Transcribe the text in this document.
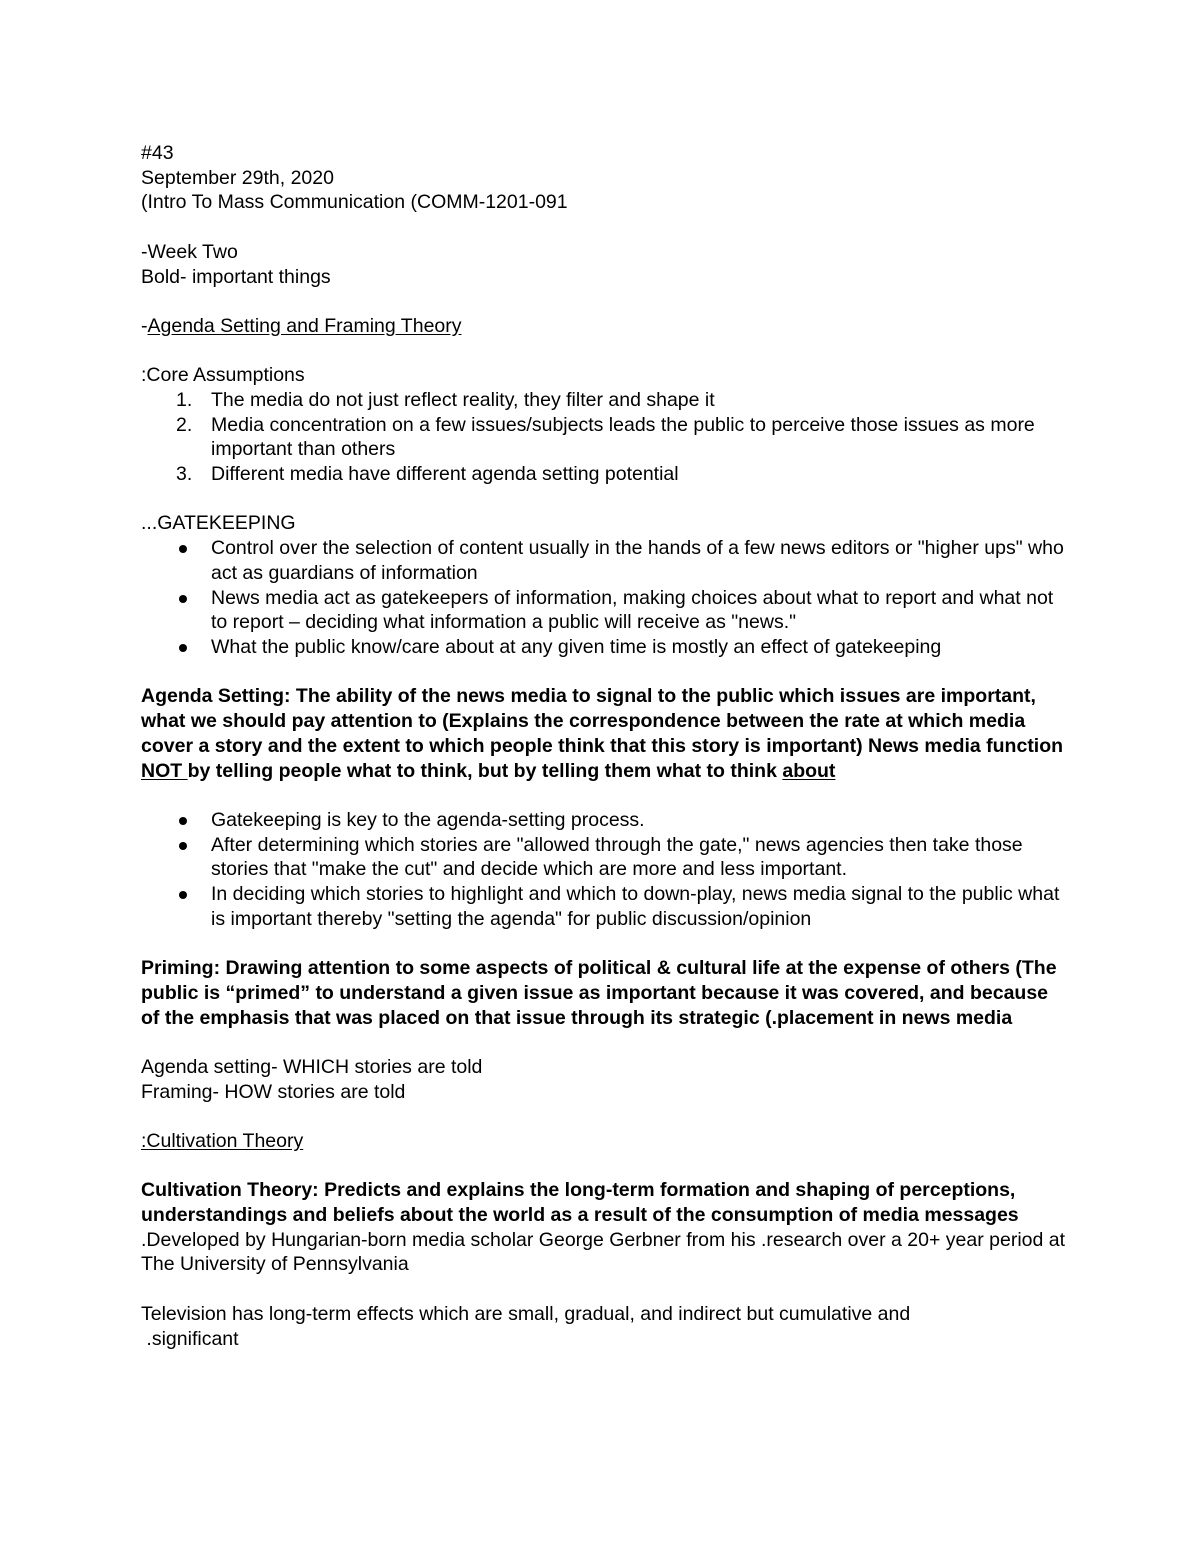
#43

September 29th, 2020

(Intro To Mass Communication (COMM-1201-091

-Week Two

Bold- important things

-Agenda Setting and Framing Theory

:Core Assumptions

1. The media do not just reflect reality, they filter and shape it
2. Media concentration on a few issues/subjects leads the public to perceive those issues as more important than others
3. Different media have different agenda setting potential

...GATEKEEPING

Control over the selection of content usually in the hands of a few news editors or "higher ups" who act as guardians of information
News media act as gatekeepers of information, making choices about what to report and what not to report – deciding what information a public will receive as "news."
What the public know/care about at any given time is mostly an effect of gatekeeping

Agenda Setting: The ability of the news media to signal to the public which issues are important, what we should pay attention to (Explains the correspondence between the rate at which media cover a story and the extent to which people think that this story is important) News media function NOT by telling people what to think, but by telling them what to think about

Gatekeeping is key to the agenda-setting process.
After determining which stories are "allowed through the gate," news agencies then take those stories that "make the cut" and decide which are more and less important.
In deciding which stories to highlight and which to down-play, news media signal to the public what is important thereby "setting the agenda" for public discussion/opinion

Priming: Drawing attention to some aspects of political & cultural life at the expense of others (The public is “primed” to understand a given issue as important because it was covered, and because of the emphasis that was placed on that issue through its strategic (.placement in news media

Agenda setting- WHICH stories are told

Framing- HOW stories are told

:Cultivation Theory

Cultivation Theory: Predicts and explains the long-term formation and shaping of perceptions, understandings and beliefs about the world as a result of the consumption of media messages .Developed by Hungarian-born media scholar George Gerbner from his .research over a 20+ year period at The University of Pennsylvania

Television has long-term effects which are small, gradual, and indirect but cumulative and

.significant
